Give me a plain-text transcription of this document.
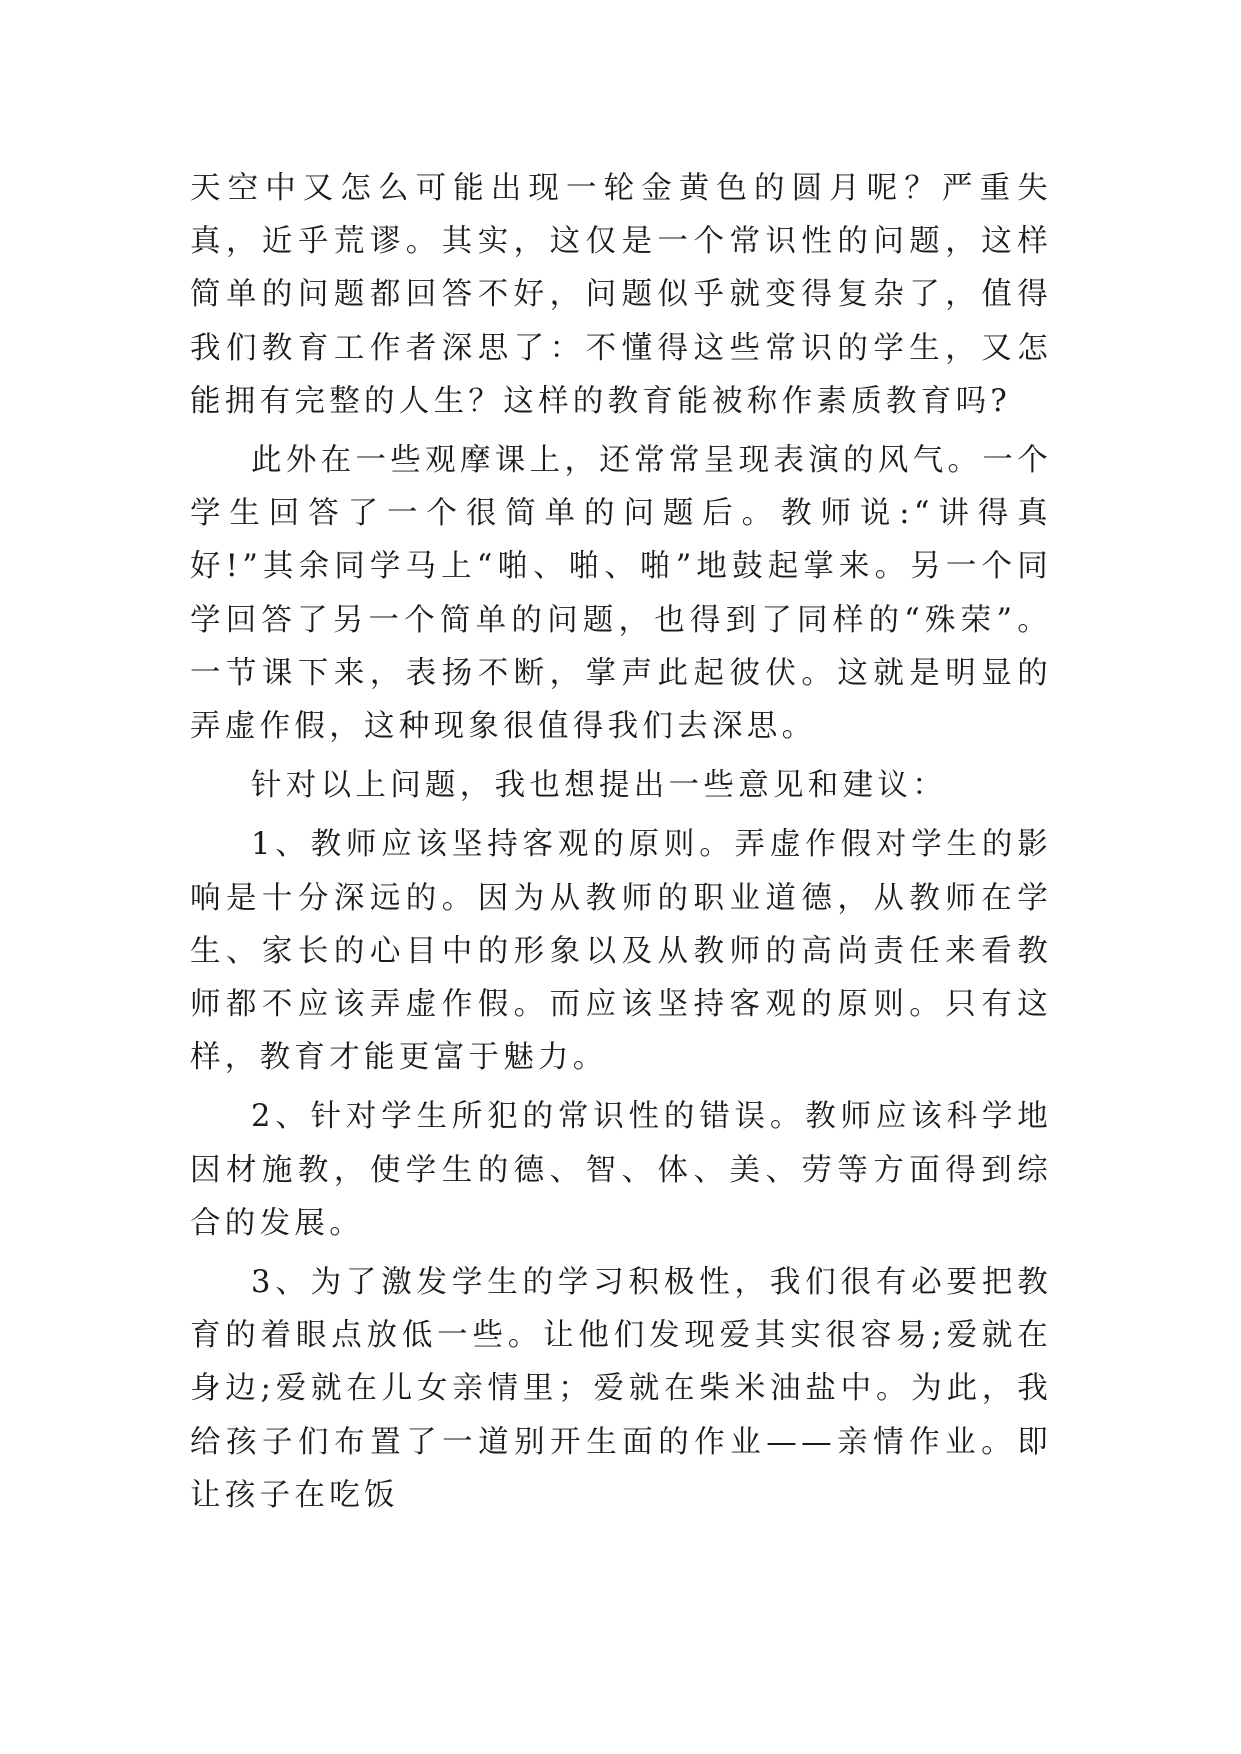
天空中又怎么可能出现一轮金黄色的圆月呢？严重失真，近乎荒谬。其实，这仅是一个常识性的问题，这样简单的问题都回答不好，问题似乎就变得复杂了，值得我们教育工作者深思了：不懂得这些常识的学生，又怎能拥有完整的人生？这样的教育能被称作素质教育吗?

此外在一些观摩课上，还常常呈现表演的风气。一个学生回答了一个很简单的问题后。教师说:“讲得真好!”其余同学马上“啪、啪、啪”地鼓起掌来。另一个同学回答了另一个简单的问题，也得到了同样的“殊荣”。一节课下来，表扬不断，掌声此起彼伏。这就是明显的弄虚作假，这种现象很值得我们去深思。

针对以上问题，我也想提出一些意见和建议：

1、教师应该坚持客观的原则。弄虚作假对学生的影响是十分深远的。因为从教师的职业道德，从教师在学生、家长的心目中的形象以及从教师的高尚责任来看教师都不应该弄虚作假。而应该坚持客观的原则。只有这样，教育才能更富于魅力。

2、针对学生所犯的常识性的错误。教师应该科学地因材施教，使学生的德、智、体、美、劳等方面得到综合的发展。

3、为了激发学生的学习积极性，我们很有必要把教育的着眼点放低一些。让他们发现爱其实很容易;爱就在身边;爱就在儿女亲情里；爱就在柴米油盐中。为此，我给孩子们布置了一道别开生面的作业——亲情作业。即让孩子在吃饭
